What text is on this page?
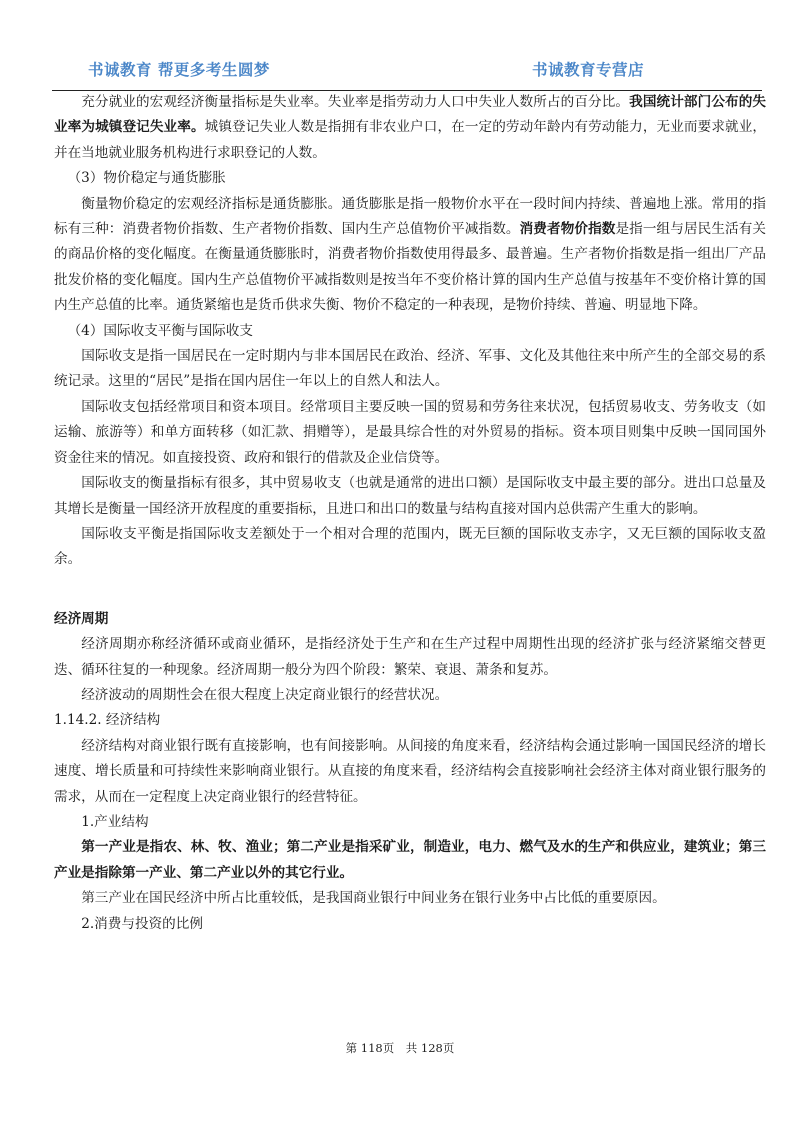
书诚教育 帮更多考生圆梦	书诚教育专营店

充分就业的宏观经济衡量指标是失业率。失业率是指劳动力人口中失业人数所占的百分比。我国统计部门公布的失业率为城镇登记失业率。城镇登记失业人数是指拥有非农业户口，在一定的劳动年龄内有劳动能力，无业而要求就业，并在当地就业服务机构进行求职登记的人数。

（3）物价稳定与通货膨胀

衡量物价稳定的宏观经济指标是通货膨胀。通货膨胀是指一般物价水平在一段时间内持续、普遍地上涨。常用的指标有三种：消费者物价指数、生产者物价指数、国内生产总值物价平减指数。消费者物价指数是指一组与居民生活有关的商品价格的变化幅度。在衡量通货膨胀时，消费者物价指数使用得最多、最普遍。生产者物价指数是指一组出厂产品批发价格的变化幅度。国内生产总值物价平减指数则是按当年不变价格计算的国内生产总值与按基年不变价格计算的国内生产总值的比率。通货紧缩也是货币供求失衡、物价不稳定的一种表现，是物价持续、普遍、明显地下降。

（4）国际收支平衡与国际收支

国际收支是指一国居民在一定时期内与非本国居民在政治、经济、军事、文化及其他往来中所产生的全部交易的系统记录。这里的“居民”是指在国内居住一年以上的自然人和法人。

国际收支包括经常项目和资本项目。经常项目主要反映一国的贸易和劳务往来状况，包括贸易收支、劳务收支（如运输、旅游等）和单方面转移（如汇款、捐赠等），是最具综合性的对外贸易的指标。资本项目则集中反映一国同国外资金往来的情况。如直接投资、政府和银行的借款及企业信贷等。

国际收支的衡量指标有很多，其中贸易收支（也就是通常的进出口额）是国际收支中最主要的部分。进出口总量及其增长是衡量一国经济开放程度的重要指标，且进口和出口的数量与结构直接对国内总供需产生重大的影响。

国际收支平衡是指国际收支差额处于一个相对合理的范围内，既无巨额的国际收支赤字，又无巨额的国际收支盈余。

经济周期

经济周期亦称经济循环或商业循环，是指经济处于生产和在生产过程中周期性出现的经济扩张与经济紧缩交替更迭、循环往复的一种现象。经济周期一般分为四个阶段：繁荣、衰退、萧条和复苏。

经济波动的周期性会在很大程度上决定商业银行的经营状况。

1.14.2. 经济结构

经济结构对商业银行既有直接影响，也有间接影响。从间接的角度来看，经济结构会通过影响一国国民经济的增长速度、增长质量和可持续性来影响商业银行。从直接的角度来看，经济结构会直接影响社会经济主体对商业银行服务的需求，从而在一定程度上决定商业银行的经营特征。

1.产业结构

第一产业是指农、林、牧、渔业；第二产业是指采矿业，制造业，电力、燃气及水的生产和供应业，建筑业；第三产业是指除第一产业、第二产业以外的其它行业。

第三产业在国民经济中所占比重较低，是我国商业银行中间业务在银行业务中占比低的重要原因。

2.消费与投资的比例

第 118页　共 128页
